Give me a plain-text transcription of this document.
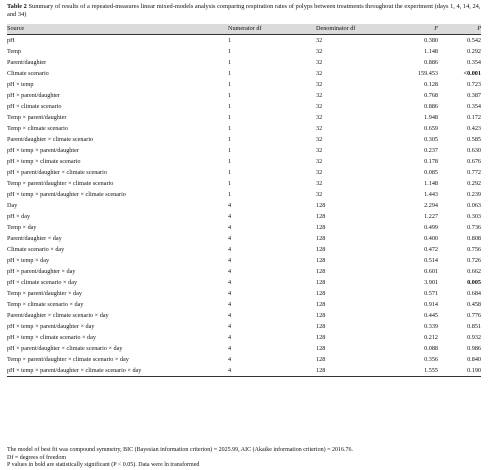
Table 2 Summary of results of a repeated-measures linear mixed-models analysis comparing respiration rates of polyps between treatments throughout the experiment (days 1, 4, 14, 24, and 34)
Source	Numerator df	Denominator df	F	P
pH	1	32	0.380	0.542
Temp	1	32	1.148	0.292
Parent/daughter	1	32	0.886	0.354
Climate scenario	1	32	159.453	<0.001
pH × temp	1	32	0.128	0.723
pH × parent/daughter	1	32	0.768	0.387
pH × climate scenario	1	32	0.886	0.354
Temp × parent/daughter	1	32	1.948	0.172
Temp × climate scenario	1	32	0.659	0.423
Parent/daughter × climate scenario	1	32	0.305	0.585
pH × temp × parent/daughter	1	32	0.237	0.630
pH × temp × climate scenario	1	32	0.178	0.676
pH × parent/daughter × climate scenario	1	32	0.085	0.772
Temp × parent/daughter × climate scenario	1	32	1.148	0.292
pH × temp × parent/daughter × climate scenario	1	32	1.443	0.239
Day	4	128	2.294	0.063
pH × day	4	128	1.227	0.303
Temp × day	4	128	0.499	0.736
Parent/daughter × day	4	128	0.400	0.808
Climate scenario × day	4	128	0.472	0.756
pH × temp × day	4	128	0.514	0.726
pH × parent/daughter × day	4	128	0.601	0.662
pH × climate scenario × day	4	128	3.901	0.005
Temp × parent/daughter × day	4	128	0.571	0.684
Temp × climate scenario × day	4	128	0.914	0.458
Parent/daughter × climate scenario × day	4	128	0.445	0.776
pH × temp × parent/daughter × day	4	128	0.339	0.851
pH × temp × climate scenario × day	4	128	0.212	0.932
pH × parent/daughter × climate scenario × day	4	128	0.088	0.986
Temp × parent/daughter × climate scenario × day	4	128	0.356	0.840
pH × temp × parent/daughter × climate scenario × day	4	128	1.555	0.190
The model of best fit was compound symmetry, BIC (Bayesian information criterion) = 2025.99, AIC (Akaike information criterion) = 2016.76.
Df = degrees of freedom
P values in bold are statistically significant (P < 0.05). Data were ln transformed
